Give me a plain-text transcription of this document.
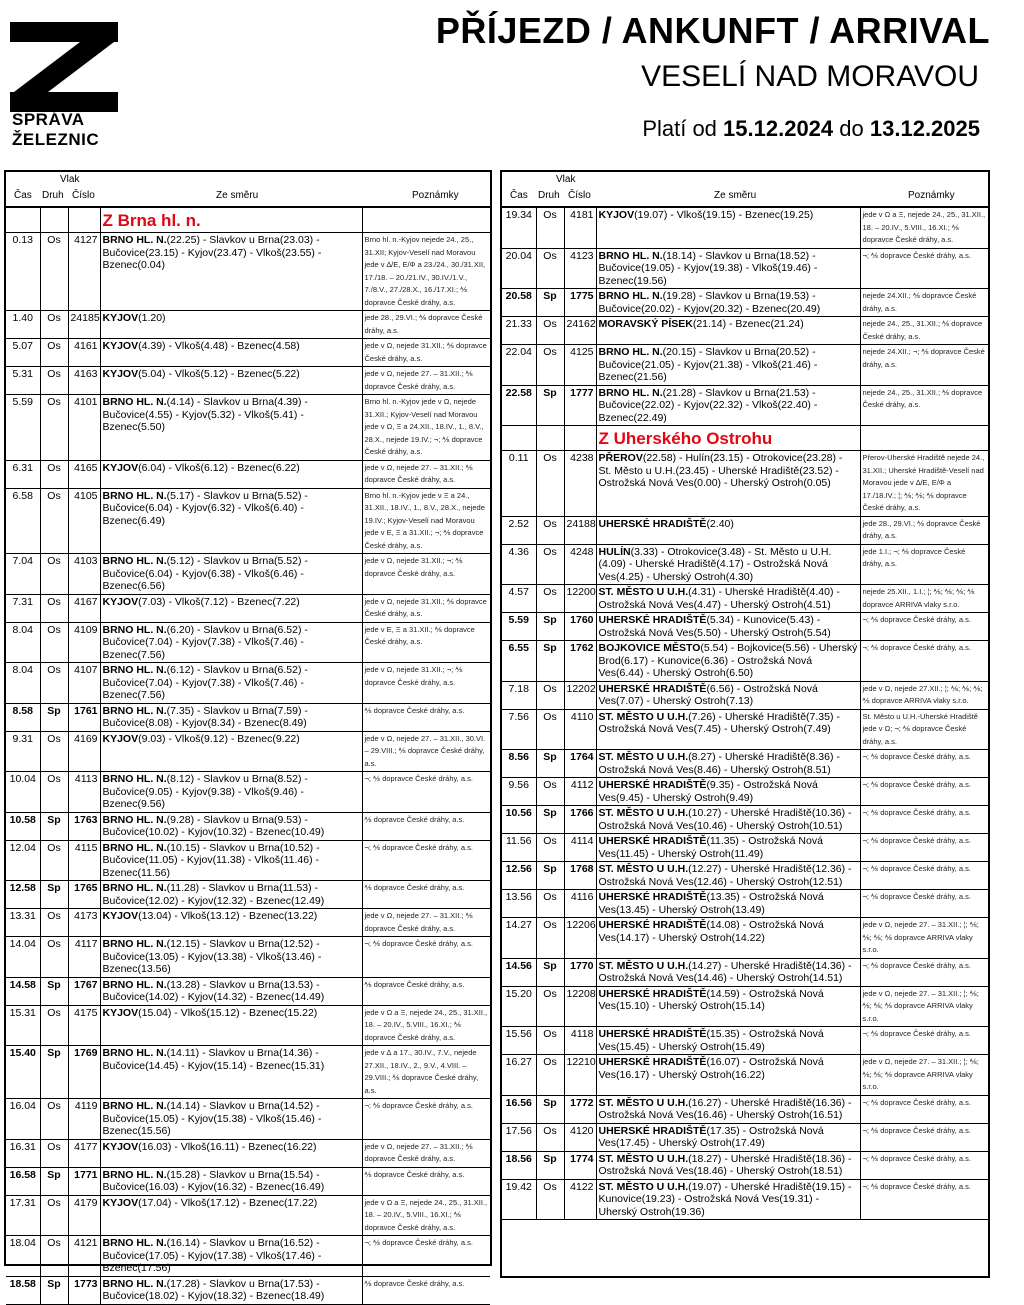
SPRÁVA
ŽELEZNIC
PŘÍJEZD / ANKUNFT / ARRIVAL
VESELÍ NAD MORAVOU
Platí od 15.12.2024 do 13.12.2025
Vlak
Čas Druh Číslo	Ze směru	Poznámky
			Z Brna hl. n.	
0.13	Os	4127	BRNO HL. N.(22.25) - Slavkov u Brna(23.03) - Bučovice(23.15) - Kyjov(23.47) - Vlkoš(23.55) - Bzenec(0.04)	Brno hl. n.-Kyjov nejede 24., 25., 31.XII; Kyjov-Veselí nad Moravou jede v ∆/E, E/Φ a 23./24., 30./31.XII, 17./18. – 20./21.IV., 30.IV./1.V., 7./8.V., 27./28.X., 16./17.XI.; ⅍ dopravce České dráhy, a.s.
1.40	Os	24185	KYJOV(1.20)	jede 28., 29.VI.; ⅍ dopravce České dráhy, a.s.
5.07	Os	4161	KYJOV(4.39) - Vlkoš(4.48) - Bzenec(4.58)	jede v Ω, nejede 31.XII.; ⅍ dopravce České dráhy, a.s.
5.31	Os	4163	KYJOV(5.04) - Vlkoš(5.12) - Bzenec(5.22)	jede v Ω, nejede 27. – 31.XII.; ⅍ dopravce České dráhy, a.s.
5.59	Os	4101	BRNO HL. N.(4.14) - Slavkov u Brna(4.39) - Bučovice(4.55) - Kyjov(5.32) - Vlkoš(5.41) - Bzenec(5.50)	Brno hl. n.-Kyjov jede v Ω, nejede 31.XII.; Kyjov-Veselí nad Moravou jede v Ω, Ξ a 24.XII., 18.IV., 1., 8.V., 28.X., nejede 19.IV.; ¬; ⅍ dopravce České dráhy, a.s.
6.31	Os	4165	KYJOV(6.04) - Vlkoš(6.12) - Bzenec(6.22)	jede v Ω, nejede 27. – 31.XII.; ⅍ dopravce České dráhy, a.s.
6.58	Os	4105	BRNO HL. N.(5.17) - Slavkov u Brna(5.52) - Bučovice(6.04) - Kyjov(6.32) - Vlkoš(6.40) - Bzenec(6.49)	Brno hl. n.-Kyjov jede v Ξ a 24., 31.XII., 18.IV., 1., 8.V., 28.X., nejede 19.IV.; Kyjov-Veselí nad Moravou jede v E, Ξ a 31.XII.; ¬; ⅍ dopravce České dráhy, a.s.
7.04	Os	4103	BRNO HL. N.(5.12) - Slavkov u Brna(5.52) - Bučovice(6.04) - Kyjov(6.38) - Vlkoš(6.46) - Bzenec(6.56)	jede v Ω, nejede 31.XII.; ¬; ⅍ dopravce České dráhy, a.s.
7.31	Os	4167	KYJOV(7.03) - Vlkoš(7.12) - Bzenec(7.22)	jede v Ω, nejede 31.XII.; ⅍ dopravce České dráhy, a.s.
8.04	Os	4109	BRNO HL. N.(6.20) - Slavkov u Brna(6.52) - Bučovice(7.04) - Kyjov(7.38) - Vlkoš(7.46) - Bzenec(7.56)	jede v E, Ξ a 31.XII.; ⅍ dopravce České dráhy, a.s.
8.04	Os	4107	BRNO HL. N.(6.12) - Slavkov u Brna(6.52) - Bučovice(7.04) - Kyjov(7.38) - Vlkoš(7.46) - Bzenec(7.56)	jede v Ω, nejede 31.XII.; ¬; ⅍ dopravce České dráhy, a.s.
8.58	Sp	1761	BRNO HL. N.(7.35) - Slavkov u Brna(7.59) - Bučovice(8.08) - Kyjov(8.34) - Bzenec(8.49)	⅍ dopravce České dráhy, a.s.
9.31	Os	4169	KYJOV(9.03) - Vlkoš(9.12) - Bzenec(9.22)	jede v Ω, nejede 27. – 31.XII., 30.VI. – 29.VIII.; ⅍ dopravce České dráhy, a.s.
10.04	Os	4113	BRNO HL. N.(8.12) - Slavkov u Brna(8.52) - Bučovice(9.05) - Kyjov(9.38) - Vlkoš(9.46) - Bzenec(9.56)	¬; ⅍ dopravce České dráhy, a.s.
10.58	Sp	1763	BRNO HL. N.(9.28) - Slavkov u Brna(9.53) - Bučovice(10.02) - Kyjov(10.32) - Bzenec(10.49)	⅍ dopravce České dráhy, a.s.
12.04	Os	4115	BRNO HL. N.(10.15) - Slavkov u Brna(10.52) - Bučovice(11.05) - Kyjov(11.38) - Vlkoš(11.46) - Bzenec(11.56)	¬; ⅍ dopravce České dráhy, a.s.
12.58	Sp	1765	BRNO HL. N.(11.28) - Slavkov u Brna(11.53) - Bučovice(12.02) - Kyjov(12.32) - Bzenec(12.49)	⅍ dopravce České dráhy, a.s.
13.31	Os	4173	KYJOV(13.04) - Vlkoš(13.12) - Bzenec(13.22)	jede v Ω, nejede 27. – 31.XII.; ⅍ dopravce České dráhy, a.s.
14.04	Os	4117	BRNO HL. N.(12.15) - Slavkov u Brna(12.52) - Bučovice(13.05) - Kyjov(13.38) - Vlkoš(13.46) - Bzenec(13.56)	¬; ⅍ dopravce České dráhy, a.s.
14.58	Sp	1767	BRNO HL. N.(13.28) - Slavkov u Brna(13.53) - Bučovice(14.02) - Kyjov(14.32) - Bzenec(14.49)	⅍ dopravce České dráhy, a.s.
15.31	Os	4175	KYJOV(15.04) - Vlkoš(15.12) - Bzenec(15.22)	jede v Ω a Ξ, nejede 24., 25., 31.XII., 18. – 20.IV., 5.VIII., 16.XI.; ⅍ dopravce České dráhy, a.s.
15.40	Sp	1769	BRNO HL. N.(14.11) - Slavkov u Brna(14.36) - Bučovice(14.45) - Kyjov(15.14) - Bzenec(15.31)	jede v ∆ a 17., 30.IV., 7.V., nejede 27.XII., 18.IV., 2., 9.V., 4.VIII. – 29.VIII.; ⅍ dopravce České dráhy, a.s.
16.04	Os	4119	BRNO HL. N.(14.14) - Slavkov u Brna(14.52) - Bučovice(15.05) - Kyjov(15.38) - Vlkoš(15.46) - Bzenec(15.56)	¬; ⅍ dopravce České dráhy, a.s.
16.31	Os	4177	KYJOV(16.03) - Vlkoš(16.11) - Bzenec(16.22)	jede v Ω, nejede 27. – 31.XII.; ⅍ dopravce České dráhy, a.s.
16.58	Sp	1771	BRNO HL. N.(15.28) - Slavkov u Brna(15.54) - Bučovice(16.03) - Kyjov(16.32) - Bzenec(16.49)	⅍ dopravce České dráhy, a.s.
17.31	Os	4179	KYJOV(17.04) - Vlkoš(17.12) - Bzenec(17.22)	jede v Ω a Ξ, nejede 24., 25., 31.XII., 18. – 20.IV., 5.VIII., 16.XI.; ⅍ dopravce České dráhy, a.s.
18.04	Os	4121	BRNO HL. N.(16.14) - Slavkov u Brna(16.52) - Bučovice(17.05) - Kyjov(17.38) - Vlkoš(17.46) - Bzenec(17.56)	¬; ⅍ dopravce České dráhy, a.s.
18.58	Sp	1773	BRNO HL. N.(17.28) - Slavkov u Brna(17.53) - Bučovice(18.02) - Kyjov(18.32) - Bzenec(18.49)	⅍ dopravce České dráhy, a.s.
Vlak
Čas Druh Číslo	Ze směru	Poznámky
19.34	Os	4181	KYJOV(19.07) - Vlkoš(19.15) - Bzenec(19.25)	jede v Ω a Ξ, nejede 24., 25., 31.XII., 18. – 20.IV., 5.VIII., 16.XI.; ⅍ dopravce České dráhy, a.s.
20.04	Os	4123	BRNO HL. N.(18.14) - Slavkov u Brna(18.52) - Bučovice(19.05) - Kyjov(19.38) - Vlkoš(19.46) - Bzenec(19.56)	¬; ⅍ dopravce České dráhy, a.s.
20.58	Sp	1775	BRNO HL. N.(19.28) - Slavkov u Brna(19.53) - Bučovice(20.02) - Kyjov(20.32) - Bzenec(20.49)	nejede 24.XII.; ⅍ dopravce České dráhy, a.s.
21.33	Os	24162	MORAVSKÝ PÍSEK(21.14) - Bzenec(21.24)	nejede 24., 25., 31.XII.; ⅍ dopravce České dráhy, a.s.
22.04	Os	4125	BRNO HL. N.(20.15) - Slavkov u Brna(20.52) - Bučovice(21.05) - Kyjov(21.38) - Vlkoš(21.46) - Bzenec(21.56)	nejede 24.XII.; ¬; ⅍ dopravce České dráhy, a.s.
22.58	Sp	1777	BRNO HL. N.(21.28) - Slavkov u Brna(21.53) - Bučovice(22.02) - Kyjov(22.32) - Vlkoš(22.40) - Bzenec(22.49)	nejede 24., 25., 31.XII.; ⅍ dopravce České dráhy, a.s.
			Z Uherského Ostrohu	
0.11	Os	4238	PŘEROV(22.58) - Hulín(23.15) - Otrokovice(23.28) - St. Město u U.H.(23.45) - Uherské Hradiště(23.52) - Ostrožská Nová Ves(0.00) - Uherský Ostroh(0.05)	Přerov-Uherské Hradiště nejede 24., 31.XII.; Uherské Hradiště-Veselí nad Moravou jede v ∆/E, E/Φ a 17./18.IV.; ¦; ⅍; ⅍; ⅍ dopravce České dráhy, a.s.
2.52	Os	24188	UHERSKÉ HRADIŠTĚ(2.40)	jede 28., 29.VI.; ⅍ dopravce České dráhy, a.s.
4.36	Os	4248	HULÍN(3.33) - Otrokovice(3.48) - St. Město u U.H.(4.09) - Uherské Hradiště(4.17) - Ostrožská Nová Ves(4.25) - Uherský Ostroh(4.30)	jede 1.I.; ¬; ⅍ dopravce České dráhy, a.s.
4.57	Os	12200	ST. MĚSTO U U.H.(4.31) - Uherské Hradiště(4.40) - Ostrožská Nová Ves(4.47) - Uherský Ostroh(4.51)	nejede 25.XII., 1.I.; ¦; ⅍; ⅍; ⅍; ⅍ dopravce ARRIVA vlaky s.r.o.
5.59	Sp	1760	UHERSKÉ HRADIŠTĚ(5.34) - Kunovice(5.43) - Ostrožská Nová Ves(5.50) - Uherský Ostroh(5.54)	¬; ⅍ dopravce České dráhy, a.s.
6.55	Sp	1762	BOJKOVICE MĚSTO(5.54) - Bojkovice(5.56) - Uherský Brod(6.17) - Kunovice(6.36) - Ostrožská Nová Ves(6.44) - Uherský Ostroh(6.50)	¬; ⅍ dopravce České dráhy, a.s.
7.18	Os	12202	UHERSKÉ HRADIŠTĚ(6.56) - Ostrožská Nová Ves(7.07) - Uherský Ostroh(7.13)	jede v Ω, nejede 27.XII.; ¦; ⅍; ⅍; ⅍; ⅍ dopravce ARRIVA vlaky s.r.o.
7.56	Os	4110	ST. MĚSTO U U.H.(7.26) - Uherské Hradiště(7.35) - Ostrožská Nová Ves(7.45) - Uherský Ostroh(7.49)	St. Město u U.H.-Uherské Hradiště jede v Ω; ¬; ⅍ dopravce České dráhy, a.s.
8.56	Sp	1764	ST. MĚSTO U U.H.(8.27) - Uherské Hradiště(8.36) - Ostrožská Nová Ves(8.46) - Uherský Ostroh(8.51)	¬; ⅍ dopravce České dráhy, a.s.
9.56	Os	4112	UHERSKÉ HRADIŠTĚ(9.35) - Ostrožská Nová Ves(9.45) - Uherský Ostroh(9.49)	¬; ⅍ dopravce České dráhy, a.s.
10.56	Sp	1766	ST. MĚSTO U U.H.(10.27) - Uherské Hradiště(10.36) - Ostrožská Nová Ves(10.46) - Uherský Ostroh(10.51)	¬; ⅍ dopravce České dráhy, a.s.
11.56	Os	4114	UHERSKÉ HRADIŠTĚ(11.35) - Ostrožská Nová Ves(11.45) - Uherský Ostroh(11.49)	¬; ⅍ dopravce České dráhy, a.s.
12.56	Sp	1768	ST. MĚSTO U U.H.(12.27) - Uherské Hradiště(12.36) - Ostrožská Nová Ves(12.46) - Uherský Ostroh(12.51)	¬; ⅍ dopravce České dráhy, a.s.
13.56	Os	4116	UHERSKÉ HRADIŠTĚ(13.35) - Ostrožská Nová Ves(13.45) - Uherský Ostroh(13.49)	¬; ⅍ dopravce České dráhy, a.s.
14.27	Os	12206	UHERSKÉ HRADIŠTĚ(14.08) - Ostrožská Nová Ves(14.17) - Uherský Ostroh(14.22)	jede v Ω, nejede 27. – 31.XII.; ¦; ⅍; ⅍; ⅍; ⅍ dopravce ARRIVA vlaky s.r.o.
14.56	Sp	1770	ST. MĚSTO U U.H.(14.27) - Uherské Hradiště(14.36) - Ostrožská Nová Ves(14.46) - Uherský Ostroh(14.51)	¬; ⅍ dopravce České dráhy, a.s.
15.20	Os	12208	UHERSKÉ HRADIŠTĚ(14.59) - Ostrožská Nová Ves(15.10) - Uherský Ostroh(15.14)	jede v Ω, nejede 27. – 31.XII.; ¦; ⅍; ⅍; ⅍; ⅍ dopravce ARRIVA vlaky s.r.o.
15.56	Os	4118	UHERSKÉ HRADIŠTĚ(15.35) - Ostrožská Nová Ves(15.45) - Uherský Ostroh(15.49)	¬; ⅍ dopravce České dráhy, a.s.
16.27	Os	12210	UHERSKÉ HRADIŠTĚ(16.07) - Ostrožská Nová Ves(16.17) - Uherský Ostroh(16.22)	jede v Ω, nejede 27. – 31.XII.; ¦; ⅍; ⅍; ⅍; ⅍ dopravce ARRIVA vlaky s.r.o.
16.56	Sp	1772	ST. MĚSTO U U.H.(16.27) - Uherské Hradiště(16.36) - Ostrožská Nová Ves(16.46) - Uherský Ostroh(16.51)	¬; ⅍ dopravce České dráhy, a.s.
17.56	Os	4120	UHERSKÉ HRADIŠTĚ(17.35) - Ostrožská Nová Ves(17.45) - Uherský Ostroh(17.49)	¬; ⅍ dopravce České dráhy, a.s.
18.56	Sp	1774	ST. MĚSTO U U.H.(18.27) - Uherské Hradiště(18.36) - Ostrožská Nová Ves(18.46) - Uherský Ostroh(18.51)	¬; ⅍ dopravce České dráhy, a.s.
19.42	Os	4122	ST. MĚSTO U U.H.(19.07) - Uherské Hradiště(19.15) - Kunovice(19.23) - Ostrožská Nová Ves(19.31) - Uherský Ostroh(19.36)	¬; ⅍ dopravce České dráhy, a.s.
